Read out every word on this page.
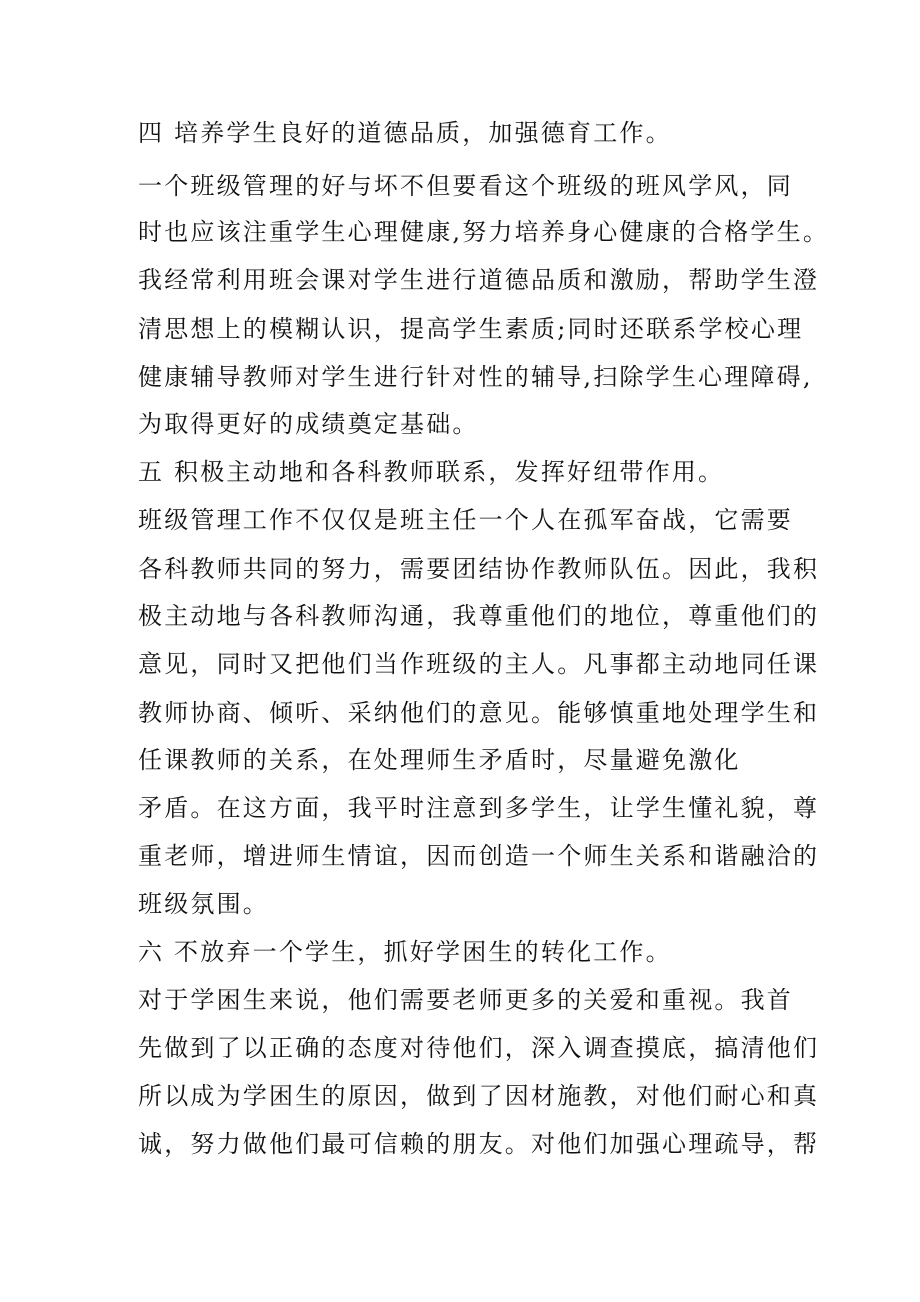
四 培养学生良好的道德品质，加强德育工作。
一个班级管理的好与坏不但要看这个班级的班风学风，同
时也应该注重学生心理健康,努力培养身心健康的合格学生。
我经常利用班会课对学生进行道德品质和激励，帮助学生澄
清思想上的模糊认识，提高学生素质;同时还联系学校心理
健康辅导教师对学生进行针对性的辅导,扫除学生心理障碍,
为取得更好的成绩奠定基础。
五 积极主动地和各科教师联系，发挥好纽带作用。
班级管理工作不仅仅是班主任一个人在孤军奋战，它需要
各科教师共同的努力，需要团结协作教师队伍。因此，我积
极主动地与各科教师沟通，我尊重他们的地位，尊重他们的
意见，同时又把他们当作班级的主人。凡事都主动地同任课
教师协商、倾听、采纳他们的意见。能够慎重地处理学生和
任课教师的关系，在处理师生矛盾时，尽量避免激化
矛盾。在这方面，我平时注意到多学生，让学生懂礼貌，尊
重老师，增进师生情谊，因而创造一个师生关系和谐融洽的
班级氛围。
六 不放弃一个学生，抓好学困生的转化工作。
对于学困生来说，他们需要老师更多的关爱和重视。我首
先做到了以正确的态度对待他们，深入调查摸底，搞清他们
所以成为学困生的原因，做到了因材施教，对他们耐心和真
诚，努力做他们最可信赖的朋友。对他们加强心理疏导，帮
